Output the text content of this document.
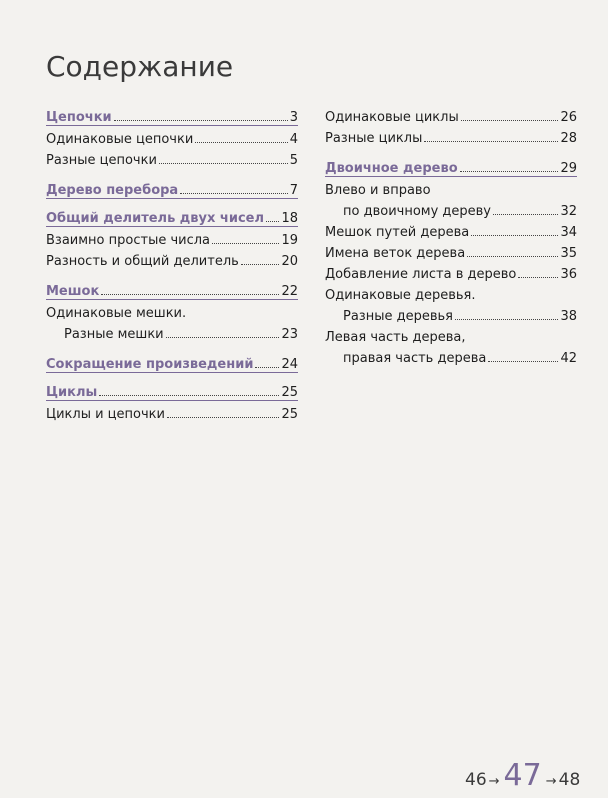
Содержание
Цепочки	3
Одинаковые цепочки	4
Разные цепочки	5
Дерево перебора	7
Общий делитель двух чисел 18
Взаимно простые числа	19
Разность и общий делитель	20
Мешок	22
Одинаковые мешки.
Разные мешки	23
Сокращение произведений 24
Циклы	25
Циклы и цепочки	25
Одинаковые циклы	26
Разные циклы	28
Двоичное дерево	29
Влево и вправо
по двоичному дереву	32
Мешок путей дерева	34
Имена веток дерева	35
Добавление листа в дерево	36
Одинаковые деревья.
Разные деревья	38
Левая часть дерева,
правая часть дерева	42
46 → 47 → 48
